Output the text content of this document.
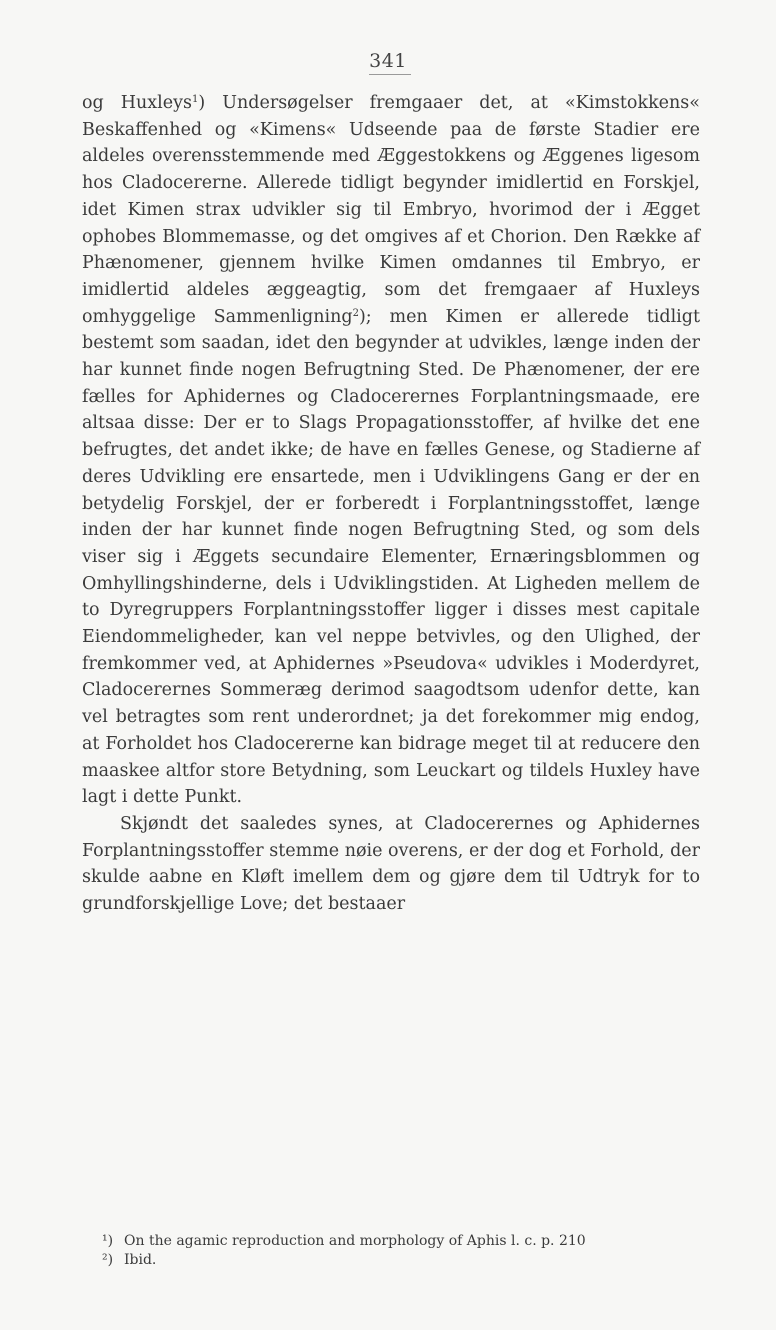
341

og Huxleys$^1$) Undersøgelser fremgaaer det, at «Kimstokkens« Beskaffenhed og «Kimens« Udseende paa de første Stadier ere aldeles overensstemmende med Æggestokkens og Æggenes ligesom hos Cladocererne. Allerede tidligt begynder imidlertid en Forskjel, idet Kimen strax udvikler sig til Embryo, hvorimod der i Ægget ophobes Blommemasse, og det omgives af et Chorion. Den Række af Phænomener, gjennem hvilke Kimen omdannes til Embryo, er imidlertid aldeles æggeagtig, som det fremgaaer af Huxleys omhyggelige Sammenligning$^2$); men Kimen er allerede tidligt bestemt som saadan, idet den begynder at udvikles, længe inden der har kunnet finde nogen Befrugtning Sted. De Phænomener, der ere fælles for Aphidernes og Cladocerernes Forplantningsmaade, ere altsaa disse: Der er to Slags Propagationsstoffer, af hvilke det ene befrugtes, det andet ikke; de have en fælles Genese, og Stadierne af deres Udvikling ere ensartede, men i Udviklingens Gang er der en betydelig Forskjel, der er forberedt i Forplantningsstoffet, længe inden der har kunnet finde nogen Befrugtning Sted, og som dels viser sig i Æggets secundaire Elementer, Ernæringsblommen og Omhyllingshinderne, dels i Udviklingstiden. At Ligheden mellem de to Dyregruppers Forplantningsstoffer ligger i disses mest capitale Eiendommeligheder, kan vel neppe betvivles, og den Ulighed, der fremkommer ved, at Aphidernes »Pseudova« udvikles i Moderdyret, Cladocerernes Sommeræg derimod saagodtsom udenfor dette, kan vel betragtes som rent underordnet; ja det forekommer mig endog, at Forholdet hos Cladocererne kan bidrage meget til at reducere den maaskee altfor store Betydning, som Leuckart og tildels Huxley have lagt i dette Punkt.

Skjøndt det saaledes synes, at Cladocerernes og Aphidernes Forplantningsstoffer stemme nøie overens, er der dog et Forhold, der skulde aabne en Kløft imellem dem og gjøre dem til Udtryk for to grundforskjellige Love; det bestaaer

¹) On the agamic reproduction and morphology of Aphis l. c. p. 210
²) Ibid.
